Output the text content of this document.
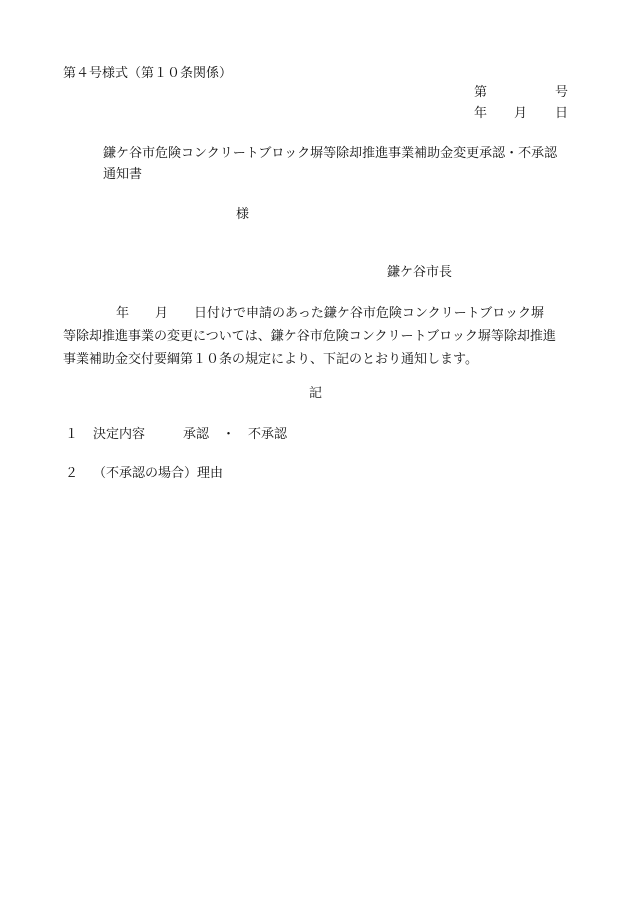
第４号様式（第１０条関係）
第	号
年 月 日
鎌ケ谷市危険コンクリートブロック塀等除却推進事業補助金変更承認・不承認
通知書
様
鎌ケ谷市長
年　　月　　日付けで申請のあった鎌ケ谷市危険コンクリートブロック塀
等除却推進事業の変更については、鎌ケ谷市危険コンクリートブロック塀等除却推進
事業補助金交付要綱第１０条の規定により、下記のとおり通知します。
記
１ 決定内容	承認　・　不承認
２ （不承認の場合）理由
